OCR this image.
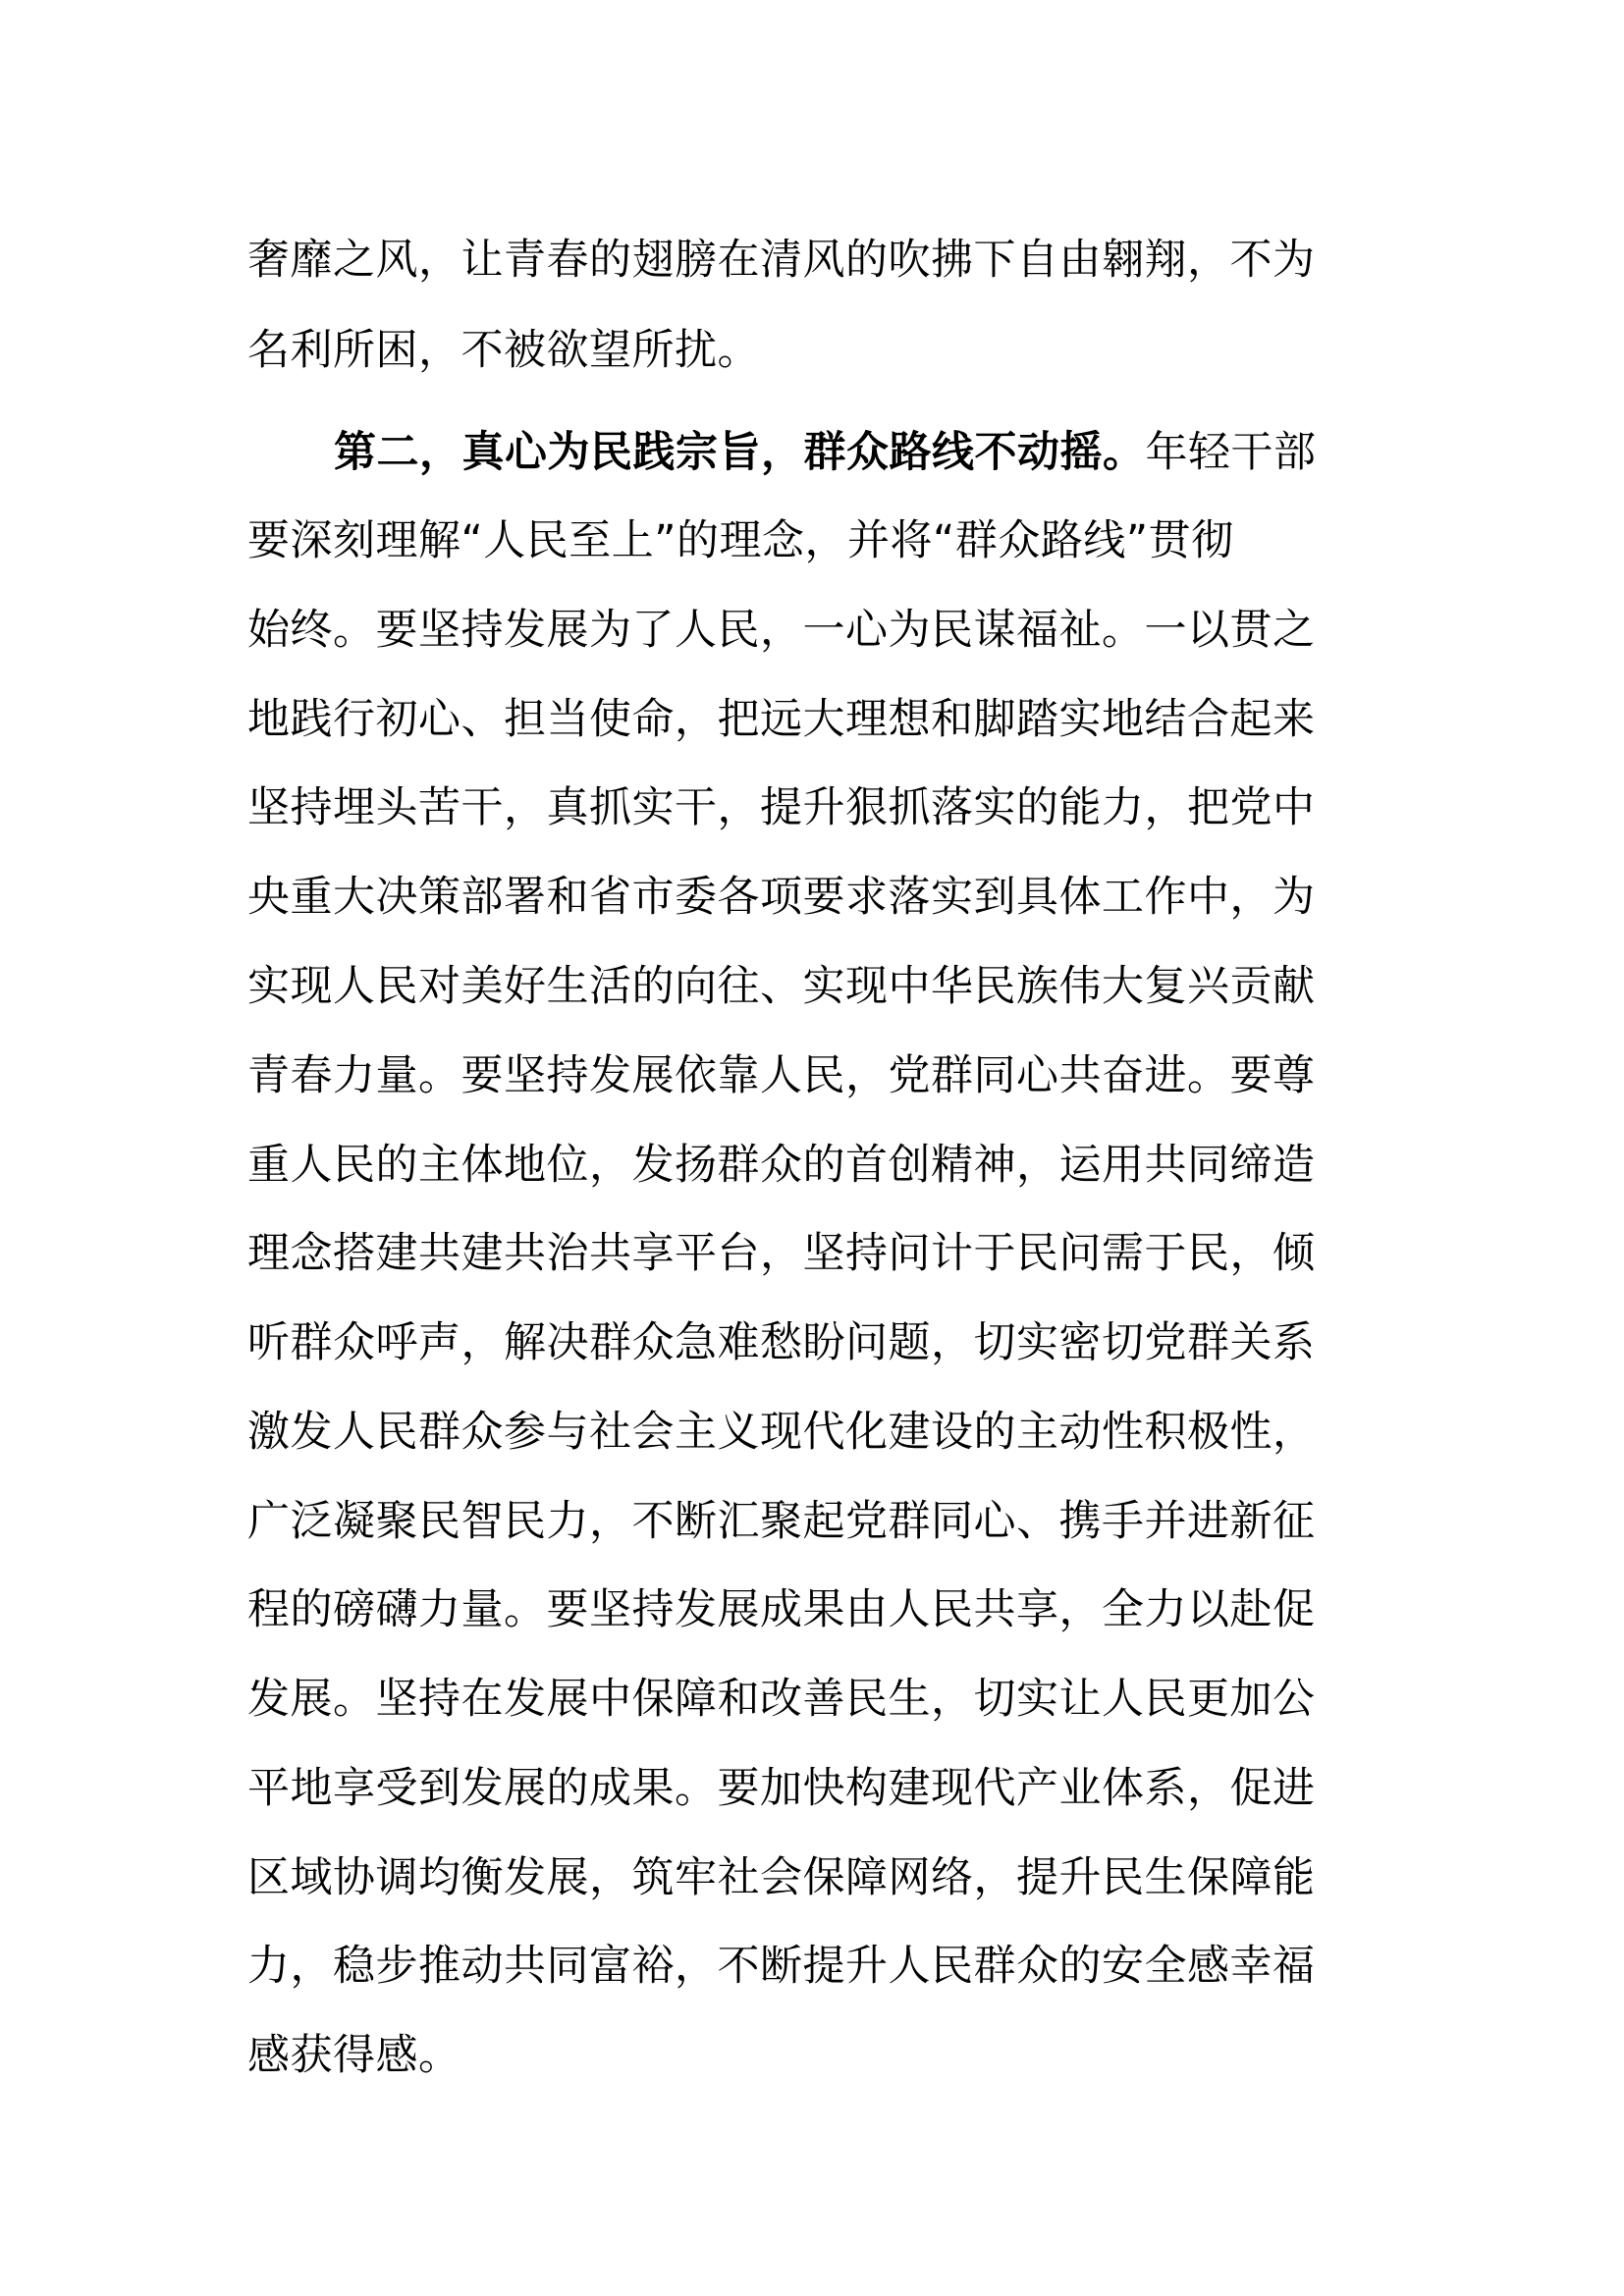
奢靡之风，让青春的翅膀在清风的吹拂下自由翱翔，不为
名利所困，不被欲望所扰。
第二，真心为民践宗旨，群众路线不动摇。年轻干部
要深刻理解“人民至上”的理念，并将“群众路线”贯彻
始终。要坚持发展为了人民，一心为民谋福祉。一以贯之
地践行初心、担当使命，把远大理想和脚踏实地结合起来
坚持埋头苦干，真抓实干，提升狠抓落实的能力，把党中
央重大决策部署和省市委各项要求落实到具体工作中，为
实现人民对美好生活的向往、实现中华民族伟大复兴贡献
青春力量。要坚持发展依靠人民，党群同心共奋进。要尊
重人民的主体地位，发扬群众的首创精神，运用共同缔造
理念搭建共建共治共享平台，坚持问计于民问需于民，倾
听群众呼声，解决群众急难愁盼问题，切实密切党群关系
激发人民群众参与社会主义现代化建设的主动性积极性，
广泛凝聚民智民力，不断汇聚起党群同心、携手并进新征
程的磅礴力量。要坚持发展成果由人民共享，全力以赴促
发展。坚持在发展中保障和改善民生，切实让人民更加公
平地享受到发展的成果。要加快构建现代产业体系，促进
区域协调均衡发展，筑牢社会保障网络，提升民生保障能
力，稳步推动共同富裕，不断提升人民群众的安全感幸福
感获得感。
